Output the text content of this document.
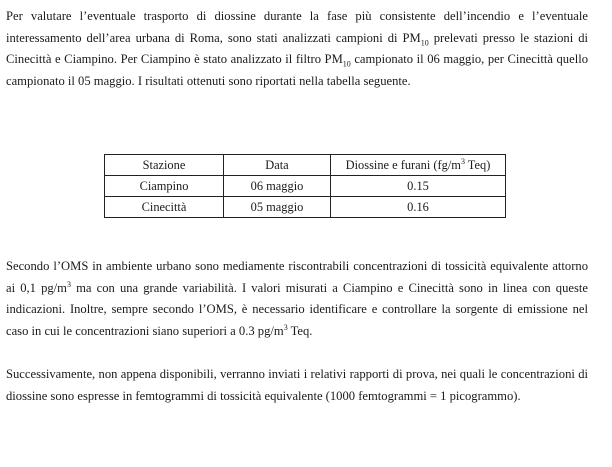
Per valutare l’eventuale trasporto di diossine durante la fase più consistente dell’incendio e l’eventuale interessamento dell’area urbana di Roma, sono stati analizzati campioni di $PM_{10}$ prelevati presso le stazioni di Cinecittà e Ciampino. Per Ciampino è stato analizzato il filtro $PM_{10}$ campionato il 06 maggio, per Cinecittà quello campionato il 05 maggio. I risultati ottenuti sono riportati nella tabella seguente.

Stazione	Data	Diossine e furani ($fg/m^3$ Teq)
Ciampino	06 maggio	0.15
Cinecittà	05 maggio	0.16

Secondo l’OMS in ambiente urbano sono mediamente riscontrabili concentrazioni di tossicità equivalente attorno ai 0,1 $pg/m^3$ ma con una grande variabilità. I valori misurati a Ciampino e Cinecittà sono in linea con queste indicazioni. Inoltre, sempre secondo l’OMS, è necessario identificare e controllare la sorgente di emissione nel caso in cui le concentrazioni siano superiori a 0.3 $pg/m^3$ Teq.

Successivamente, non appena disponibili, verranno inviati i relativi rapporti di prova, nei quali le concentrazioni di diossine sono espresse in femtogrammi di tossicità equivalente (1000 femtogrammi = 1 picogrammo).
